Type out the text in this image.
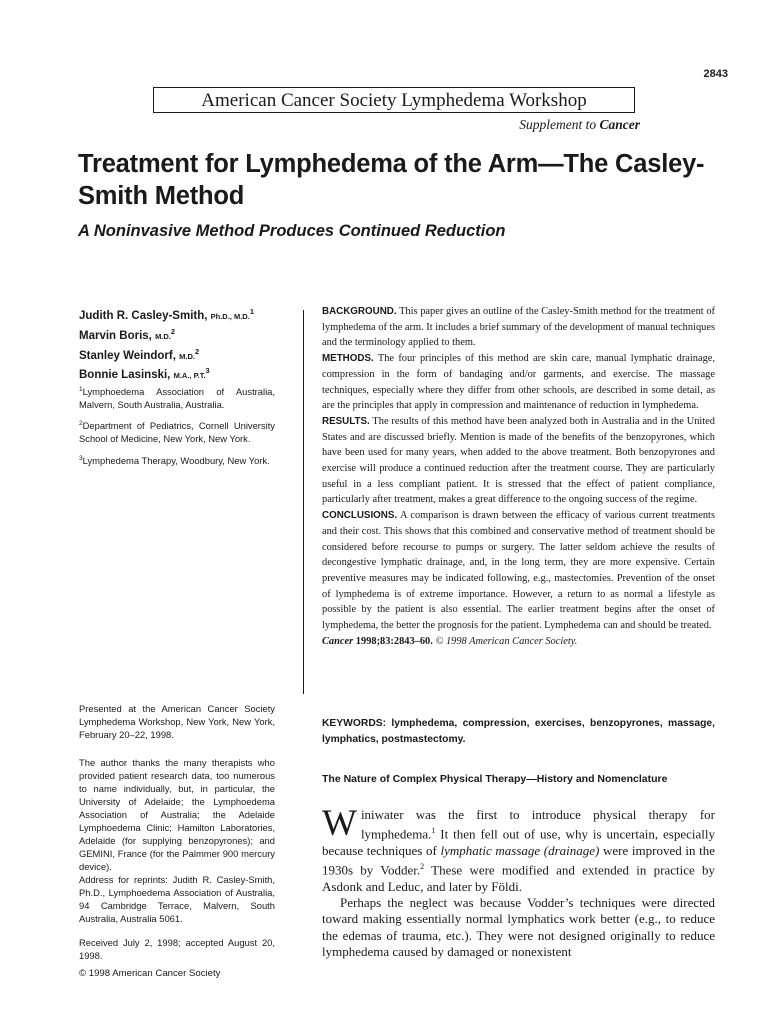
2843
American Cancer Society Lymphedema Workshop
Supplement to Cancer
Treatment for Lymphedema of the Arm—The Casley-Smith Method
A Noninvasive Method Produces Continued Reduction
Judith R. Casley-Smith, Ph.D., M.D.$^1$
Marvin Boris, M.D.$^2$
Stanley Weindorf, M.D.$^2$
Bonnie Lasinski, M.A., P.T.$^3$
$^1$Lymphoedema Association of Australia, Malvern, South Australia, Australia.
$^2$Department of Pediatrics, Cornell University School of Medicine, New York, New York.
$^3$Lymphedema Therapy, Woodbury, New York.

BACKGROUND. This paper gives an outline of the Casley-Smith method for the treatment of lymphedema of the arm. It includes a brief summary of the development of manual techniques and the terminology applied to them.

METHODS. The four principles of this method are skin care, manual lymphatic drainage, compression in the form of bandaging and/or garments, and exercise. The massage techniques, especially where they differ from other schools, are described in some detail, as are the principles that apply in compression and maintenance of reduction in lymphedema.

RESULTS. The results of this method have been analyzed both in Australia and in the United States and are discussed briefly. Mention is made of the benefits of the benzopyrones, which have been used for many years, when added to the above treatment. Both benzopyrones and exercise will produce a continued reduction after the treatment course. They are particularly useful in a less compliant patient. It is stressed that the effect of patient compliance, particularly after treatment, makes a great difference to the ongoing success of the regime.

CONCLUSIONS. A comparison is drawn between the efficacy of various current treatments and their cost. This shows that this combined and conservative method of treatment should be considered before recourse to pumps or surgery. The latter seldom achieve the results of decongestive lymphatic drainage, and, in the long term, they are more expensive. Certain preventive measures may be indicated following, e.g., mastectomies. Prevention of the onset of lymphedema is of extreme importance. However, a return to as normal a lifestyle as possible by the patient is also essential. The earlier treatment begins after the onset of lymphedema, the better the prognosis for the patient. Lymphedema can and should be treated.

Cancer 1998;83:2843–60. © 1998 American Cancer Society.

Presented at the American Cancer Society Lymphedema Workshop, New York, New York, February 20–22, 1998.
The author thanks the many therapists who provided patient research data, too numerous to name individually, but, in particular, the University of Adelaide; the Lymphoedema Association of Australia; the Adelaide Lymphoedema Clinic; Hamilton Laboratories, Adelaide (for supplying benzopyrones); and GEMINI, France (for the Palmmer 900 mercury device).
Address for reprints: Judith R. Casley-Smith, Ph.D., Lymphoedema Association of Australia, 94 Cambridge Terrace, Malvern, South Australia, Australia 5061.
Received July 2, 1998; accepted August 20, 1998.
KEYWORDS: lymphedema, compression, exercises, benzopyrones, massage, lymphatics, postmastectomy.
The Nature of Complex Physical Therapy—History and Nomenclature

Winiwater was the first to introduce physical therapy for lymphedema.$^1$ It then fell out of use, why is uncertain, especially because techniques of lymphatic massage (drainage) were improved in the 1930s by Vodder.$^2$ These were modified and extended in practice by Asdonk and Leduc, and later by Földi.

Perhaps the neglect was because Vodder’s techniques were directed toward making essentially normal lymphatics work better (e.g., to reduce the edemas of trauma, etc.). They were not designed originally to reduce lymphedema caused by damaged or nonexistent

© 1998 American Cancer Society
